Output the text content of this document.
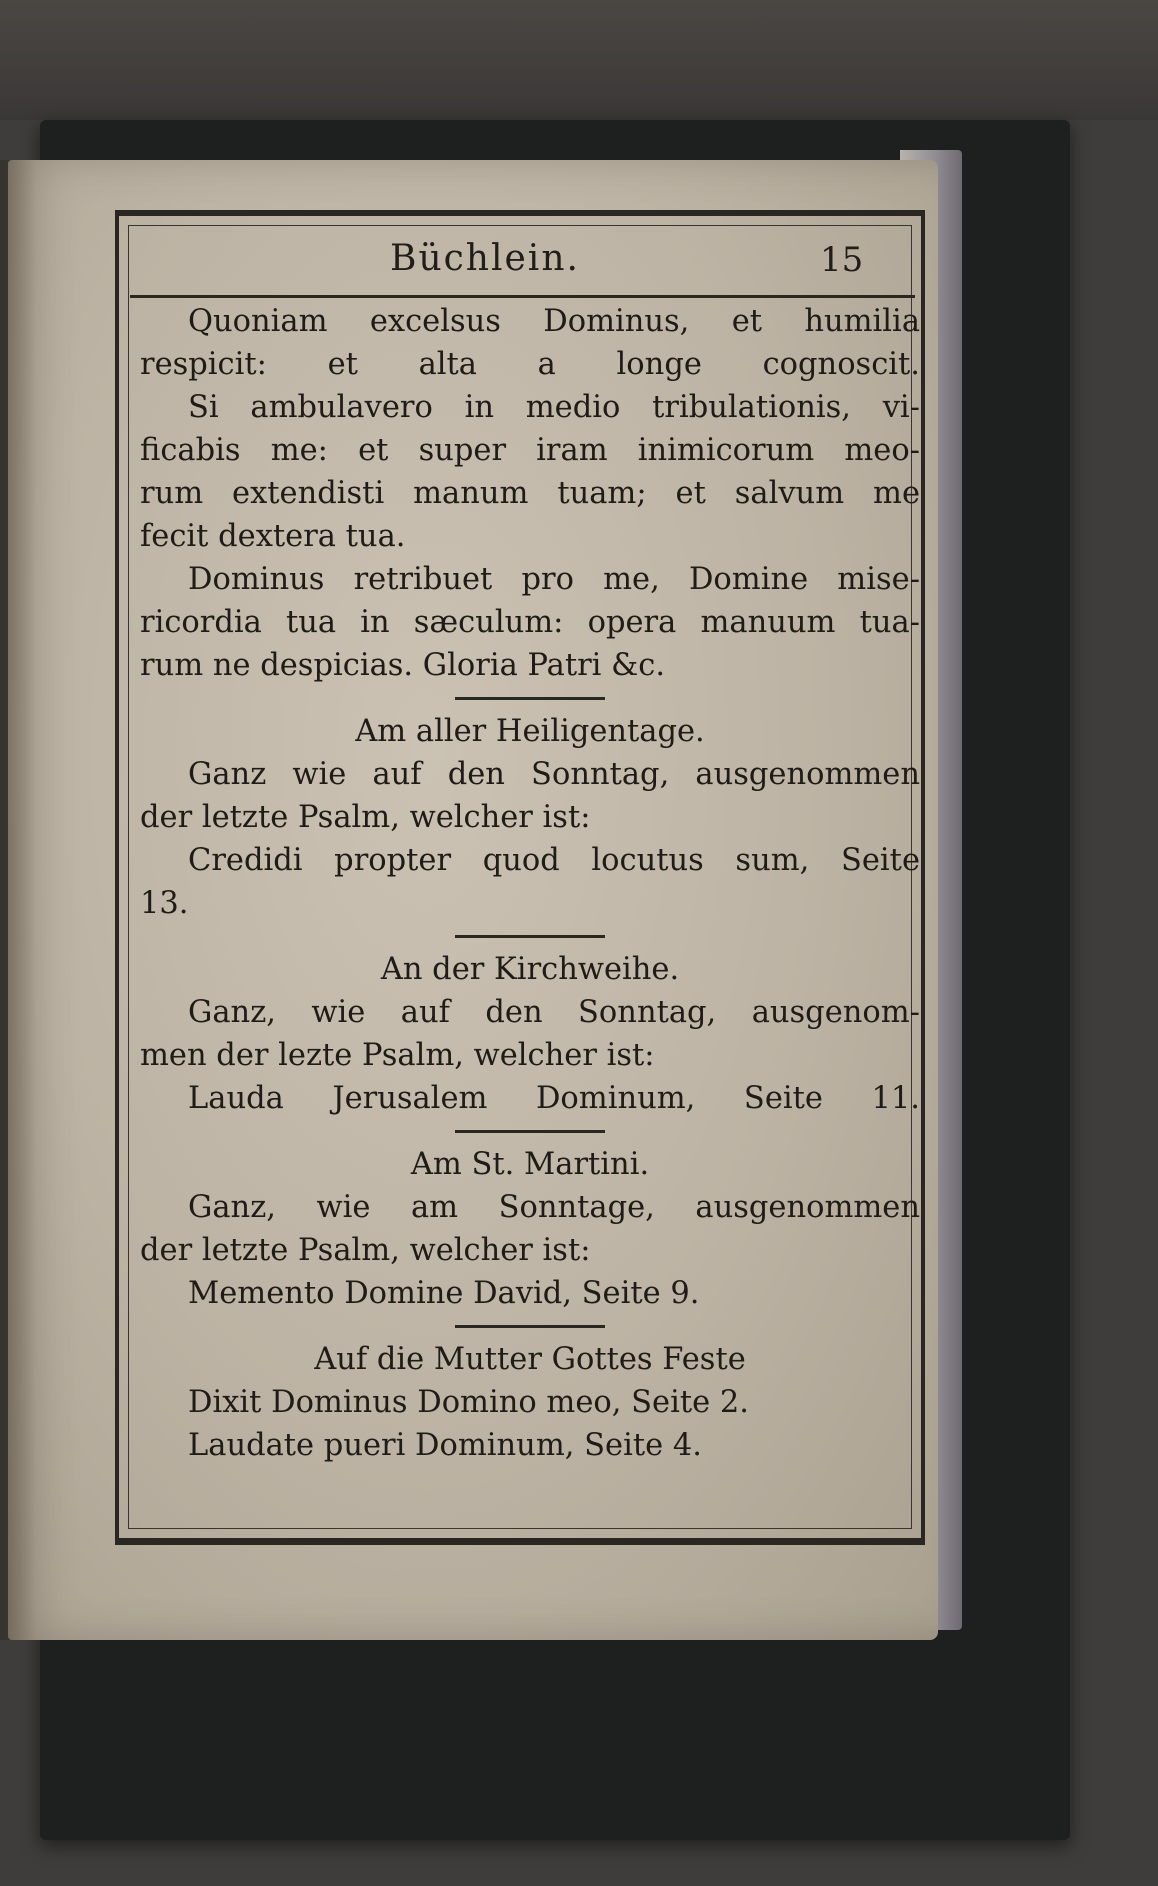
Büchlein.	15

Quoniam excelsus Dominus, et humilia

respicit: et alta a longe cognoscit.

Si ambulavero in medio tribulationis, vi-

ficabis me: et super iram inimicorum meo-

rum extendisti manum tuam; et salvum me

fecit dextera tua.

Dominus retribuet pro me, Domine mise-

ricordia tua in sæculum: opera manuum tua-

rum ne despicias. Gloria Patri &c.

Am aller Heiligentage.

Ganz wie auf den Sonntag, ausgenommen

der letzte Psalm, welcher ist:

Credidi propter quod locutus sum, Seite

13.

An der Kirchweihe.

Ganz, wie auf den Sonntag, ausgenom-

men der lezte Psalm, welcher ist:

Lauda Jerusalem Dominum, Seite 11.

Am St. Martini.

Ganz, wie am Sonntage, ausgenommen

der letzte Psalm, welcher ist:

Memento Domine David, Seite 9.

Auf die Mutter Gottes Feste

Dixit Dominus Domino meo, Seite 2.

Laudate pueri Dominum, Seite 4.
